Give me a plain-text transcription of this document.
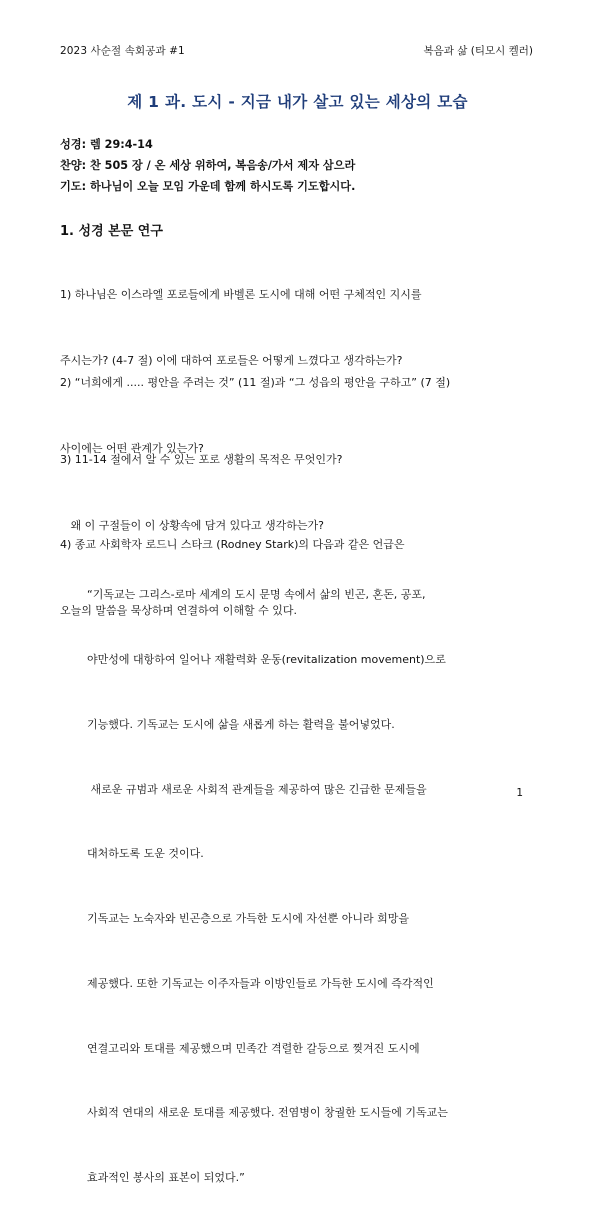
2023 사순절 속회공과 #1	복음과 삶 (티모시 켈러)
제 1 과. 도시 - 지금 내가 살고 있는 세상의 모습
성경: 렘 29:4-14
찬양: 찬 505 장 / 온 세상 위하여, 복음송/가서 제자 삼으라
기도: 하나님이 오늘 모임 가운데 함께 하시도록 기도합시다.
1. 성경 본문 연구

1) 하나님은 이스라엘 포로들에게 바벨론 도시에 대해 어떤 구체적인 지시를

주시는가? (4-7 절) 이에 대하여 포로들은 어떻게 느꼈다고 생각하는가?

2) “너희에게 ..... 평안을 주려는 것” (11 절)과 “그 성읍의 평안을 구하고” (7 절)

사이에는 어떤 관계가 있는가?

3) 11-14 절에서 알 수 있는 포로 생활의 목적은 무엇인가?

왜 이 구절들이 이 상황속에 담겨 있다고 생각하는가?

4) 종교 사회학자 로드니 스타크 (Rodney Stark)의 다음과 같은 언급은

오늘의 말씀을 묵상하며 연결하여 이해할 수 있다.

“기독교는 그리스-로마 세계의 도시 문명 속에서 삶의 빈곤, 혼돈, 공포,

야만성에 대항하여 일어나 재활력화 운동(revitalization movement)으로

기능했다. 기독교는 도시에 삶을 새롭게 하는 활력을 불어넣었다.

새로운 규범과 새로운 사회적 관계들을 제공하여 많은 긴급한 문제들을

대처하도록 도운 것이다.

기독교는 노숙자와 빈곤층으로 가득한 도시에 자선뿐 아니라 희망을

제공했다. 또한 기독교는 이주자들과 이방인들로 가득한 도시에 즉각적인

연결고리와 토대를 제공했으며 민족간 격렬한 갈등으로 찢겨진 도시에

사회적 연대의 새로운 토대를 제공했다. 전염병이 창궐한 도시들에 기독교는

효과적인 봉사의 표본이 되었다.”

1
